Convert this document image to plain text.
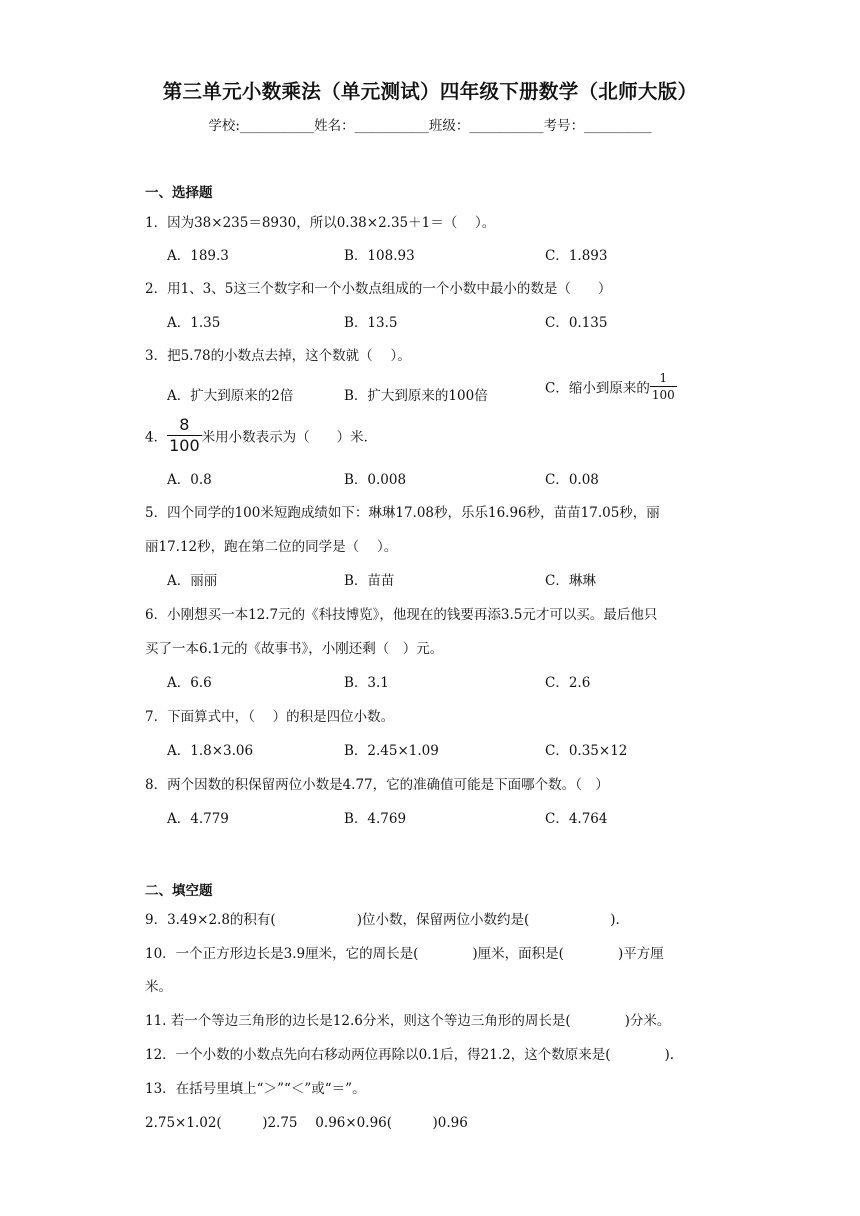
第三单元小数乘法（单元测试）四年级下册数学（北师大版）
学校:___________姓名：___________班级：___________考号：__________
一、选择题
1．因为38×235＝8930，所以0.38×2.35＋1＝（　 ）。
A．189.3	B．108.93	C．1.893
2．用1、3、5这三个数字和一个小数点组成的一个小数中最小的数是（　　）
A．1.35	B．13.5	C．0.135
3．把5.78的小数点去掉，这个数就（　 ）。
A．扩大到原来的2倍	B．扩大到原来的100倍	C．缩小到原来的 $\frac{1}{100}$
4． $\frac{8}{100}$ 米用小数表示为（　　）米．
A．0.8	B．0.008	C．0.08
5．四个同学的100米短跑成绩如下：琳琳17.08秒，乐乐16.96秒，苗苗17.05秒，丽
丽17.12秒，跑在第二位的同学是（　 ）。
A．丽丽	B．苗苗	C．琳琳
6．小刚想买一本12.7元的《科技博览》，他现在的钱要再添3.5元才可以买。最后他只
买了一本6.1元的《故事书》，小刚还剩（　）元。
A．6.6	B．3.1	C．2.6
7．下面算式中，（　 ）的积是四位小数。
A．1.8×3.06	B．2.45×1.09	C．0.35×12
8．两个因数的积保留两位小数是4.77，它的准确值可能是下面哪个数。（　）
A．4.779	B．4.769	C．4.764
二、填空题
9．3.49×2.8的积有(　　　　　　)位小数，保留两位小数约是(　　　　　　).
10．一个正方形边长是3.9厘米，它的周长是(　　　　)厘米，面积是(　　　　)平方厘
米。
11. 若一个等边三角形的边长是12.6分米，则这个等边三角形的周长是(　　　　)分米。
12．一个小数的小数点先向右移动两位再除以0.1后，得21.2，这个数原来是(　　　　).
13．在括号里填上“＞”“＜”或“＝”。
2.75×1.02(　　　)2.75　 0.96×0.96(　　　)0.96
